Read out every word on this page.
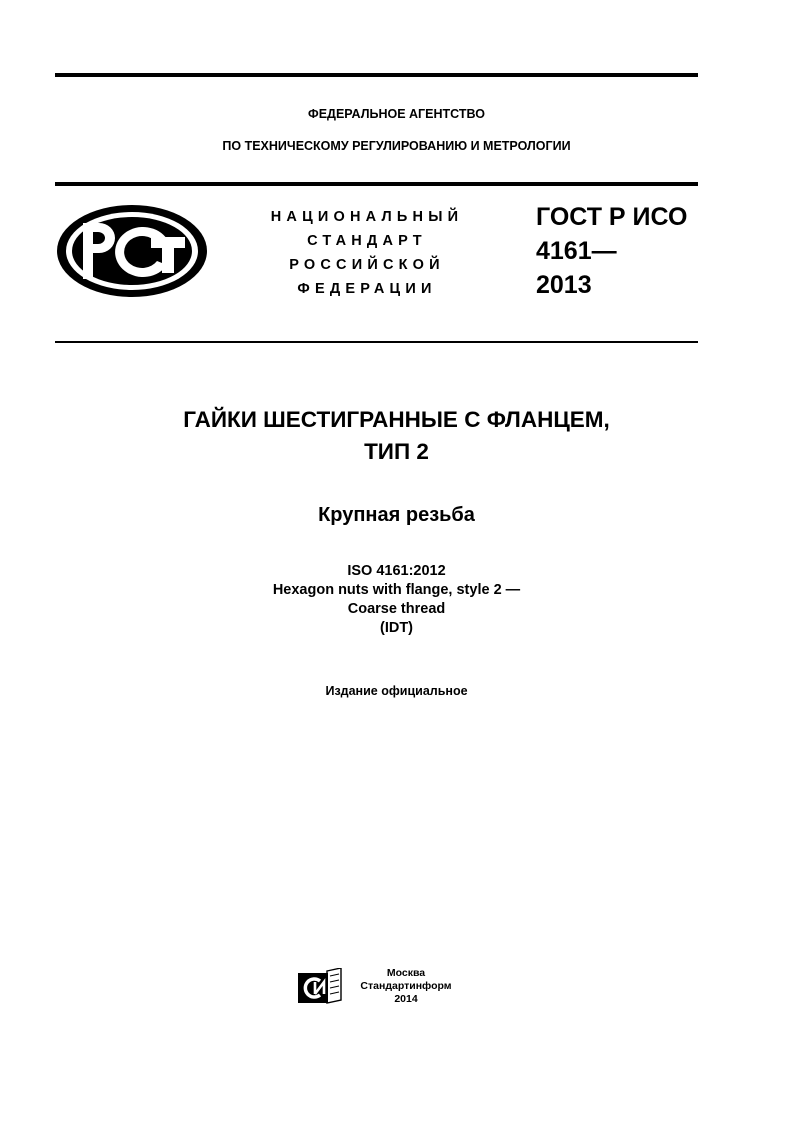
ФЕДЕРАЛЬНОЕ АГЕНТСТВО
ПО ТЕХНИЧЕСКОМУ РЕГУЛИРОВАНИЮ И МЕТРОЛОГИИ
НАЦИОНАЛЬНЫЙ
СТАНДАРТ
РОССИЙСКОЙ
ФЕДЕРАЦИИ
ГОСТ Р ИСО
4161—
2013
ГАЙКИ ШЕСТИГРАННЫЕ С ФЛАНЦЕМ,
ТИП 2
Крупная резьба
ISO 4161:2012
Hexagon nuts with flange, style 2 —
Coarse thread
(IDT)
Издание официальное
Москва
Стандартинформ
2014
